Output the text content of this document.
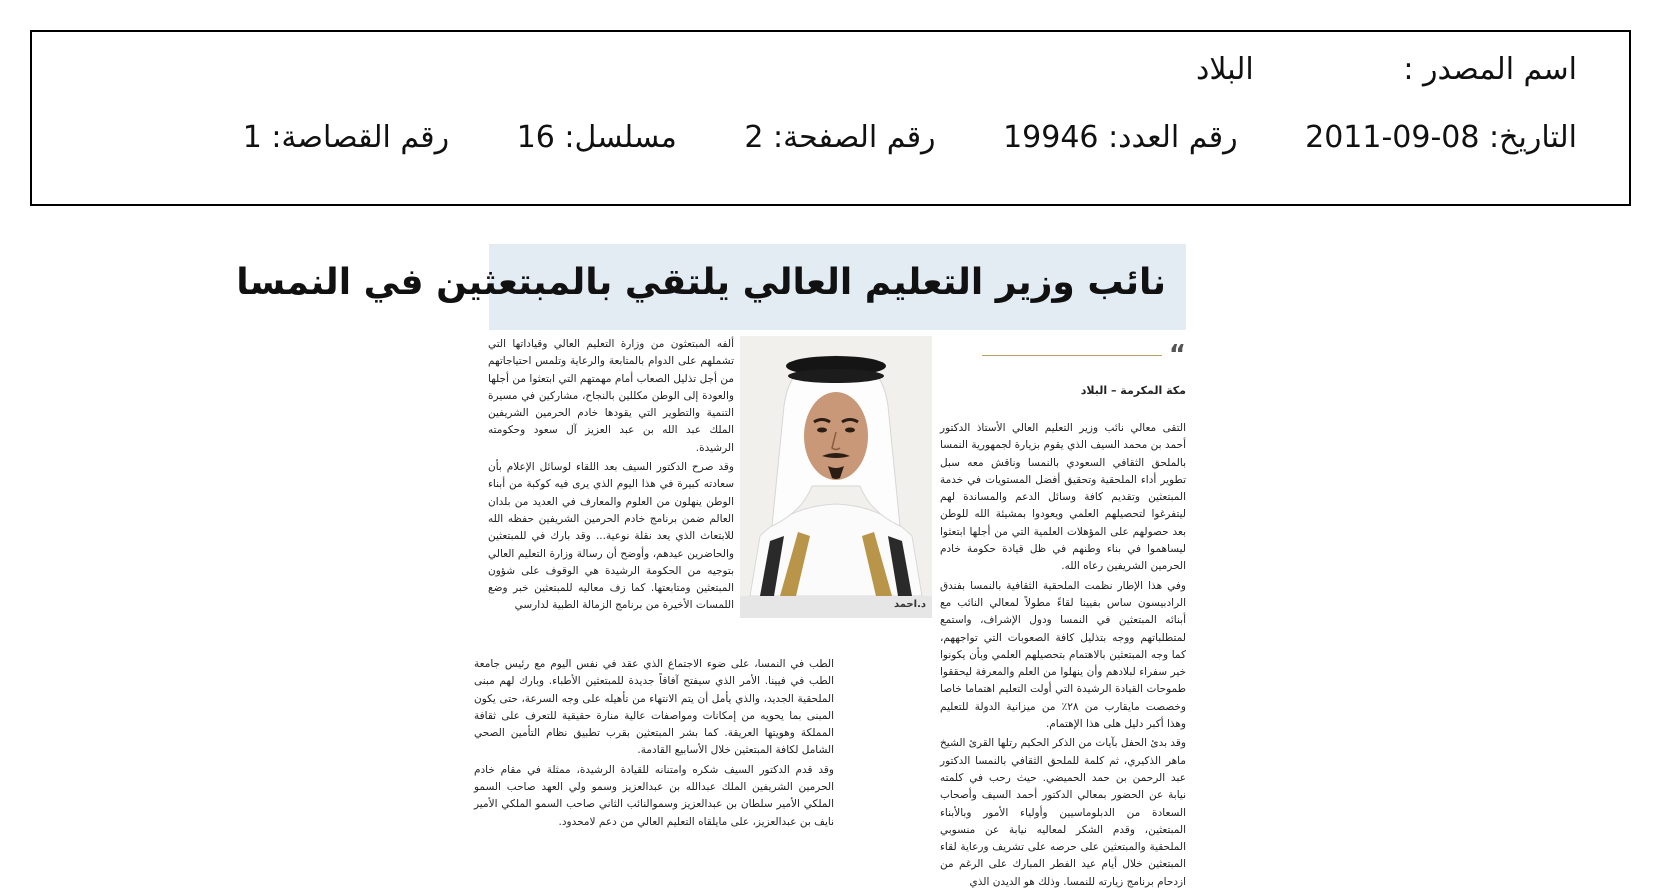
اسم المصدر : البلاد
التاريخ: 2011-09-08 رقم العدد: 19946 رقم الصفحة: 2 مسلسل: 16 رقم القصاصة: 1
نائب وزير التعليم العالي يلتقي بالمبتعثين في النمسا
“
مكة المكرمة – البلاد

التقى معالي نائب وزير التعليم العالي الأستاذ الدكتور أحمد بن محمد السيف الذي يقوم بزيارة لجمهورية النمسا بالملحق الثقافي السعودي بالنمسا وناقش معه سبل تطوير أداء الملحقية وتحقيق أفضل المستويات في خدمة المبتعثين وتقديم كافة وسائل الدعم والمساندة لهم ليتفرغوا لتحصيلهم العلمي ويعودوا بمشيئة الله للوطن بعد حصولهم على المؤهلات العلمية التي من أجلها ابتعثوا ليساهموا في بناء وطنهم في ظل قيادة حكومة خادم الحرمين الشريفين رعاه الله.

وفي هذا الإطار نظمت الملحقية الثقافية بالنمسا بفندق الرادبيسون ساس بفيينا لقاءً مطولاً لمعالي النائب مع أبنائه المبتعثين في النمسا ودول الإشراف، واستمع لمتطلباتهم ووجه بتذليل كافة الصعوبات التي تواجههم، كما وجه المبتعثين بالاهتمام بتحصيلهم العلمي وبأن يكونوا خير سفراء لبلادهم وأن ينهلوا من العلم والمعرفة ليحققوا طموحات القيادة الرشيدة التي أولت التعليم اهتماما خاصا وخصصت مايقارب من ٢٨٪ من ميزانية الدولة للتعليم وهذا أكبر دليل هلى هذا الإهتمام.

وقد بدئ الحفل بآيات من الذكر الحكيم رتلها القرئ الشيخ ماهر الذكيري، ثم كلمة للملحق الثقافي بالنمسا الدكتور عبد الرحمن بن حمد الحميضي. حيث رحب في كلمته نيابة عن الحضور بمعالي الدكتور أحمد السيف وأصحاب السعادة من الدبلوماسيين وأولياء الأمور وبالأبناء المبتعثين، وقدم الشكر لمعاليه نيابة عن منسوبي الملحقية والمبتعثين على حرصه على تشريف ورعاية لقاء المبتعثين خلال أيام عيد الفطر المبارك على الرغم من ازدحام برنامج زيارته للنمسا. وذلك هو الديدن الذي

د.احمد

ألفه المبتعثون من وزارة التعليم العالي وقياداتها التي تشملهم على الدوام بالمتابعة والرعاية وتلمس احتياجاتهم من أجل تذليل الصعاب أمام مهمتهم التي ابتعثوا من أجلها والعودة إلى الوطن مكللين بالنجاح، مشاركين في مسيرة التنمية والتطوير التي يقودها خادم الحرمين الشريفين الملك عبد الله بن عبد العزيز آل سعود وحكومته الرشيدة.

وقد صرح الدكتور السيف بعد اللقاء لوسائل الإعلام بأن سعادته كبيرة في هذا اليوم الذي يرى فيه كوكبة من أبناء الوطن ينهلون من العلوم والمعارف في العديد من بلدان العالم ضمن برنامج خادم الحرمين الشريفين حفظه الله للابتعاث الذي يعد نقلة نوعية... وقد بارك في للمبتعثين والحاضرين عيدهم، وأوضح أن رسالة وزارة التعليم العالي بتوجيه من الحكومة الرشيدة هي الوقوف على شؤون المبتعثين ومتابعتها. كما زف معاليه للمبتعثين خبر وضع اللمسات الأخيرة من برنامج الزمالة الطبية لدارسي

الطب في النمسا، على ضوء الاجتماع الذي عقد في نفس اليوم مع رئيس جامعة الطب في فيينا. الأمر الذي سيفتح آفاقاً جديدة للمبتعثين الأطباء. وبارك لهم مبنى الملحقية الجديد، والذي يأمل أن يتم الانتهاء من تأهيله على وجه السرعة، حتى يكون المبنى بما يحويه من إمكانات ومواصفات عالية منارة حقيقية للتعرف على ثقافة المملكة وهويتها العريقة. كما بشر المبتعثين بقرب تطبيق نظام التأمين الصحي الشامل لكافة المبتعثين خلال الأسابيع القادمة.

وقد قدم الدكتور السيف شكره وامتنانه للقيادة الرشيدة، ممثلة في مقام خادم الحرمين الشريفين الملك عبدالله بن عبدالعزيز وسمو ولي العهد صاحب السمو الملكي الأمير سلطان بن عبدالعزيز وسموالنائب الثاني صاحب السمو الملكي الأمير نايف بن عبدالعزيز، على مايلقاه التعليم العالي من دعم لامحدود.
